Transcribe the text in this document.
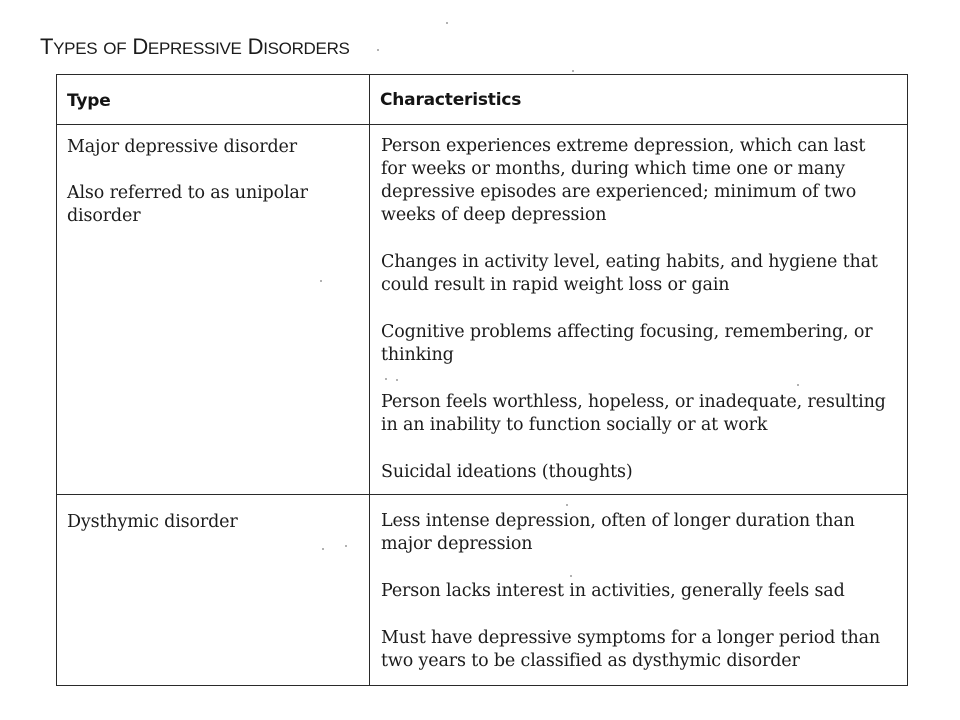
TYPES OF DEPRESSIVE DISORDERS
Type	Characteristics

Major depressive disorder

Also referred to as unipolar disorder

Person experiences extreme depression, which can last for weeks or months, during which time one or many depressive episodes are experienced; minimum of two weeks of deep depression

Changes in activity level, eating habits, and hygiene that could result in rapid weight loss or gain

Cognitive problems affecting focusing, remembering, or thinking

Person feels worthless, hopeless, or inadequate, resulting in an inability to function socially or at work

Suicidal ideations (thoughts)

Dysthymic disorder	Less intense depression, often of longer duration than major depression

Person lacks interest in activities, generally feels sad

Must have depressive symptoms for a longer period than two years to be classified as dysthymic disorder
